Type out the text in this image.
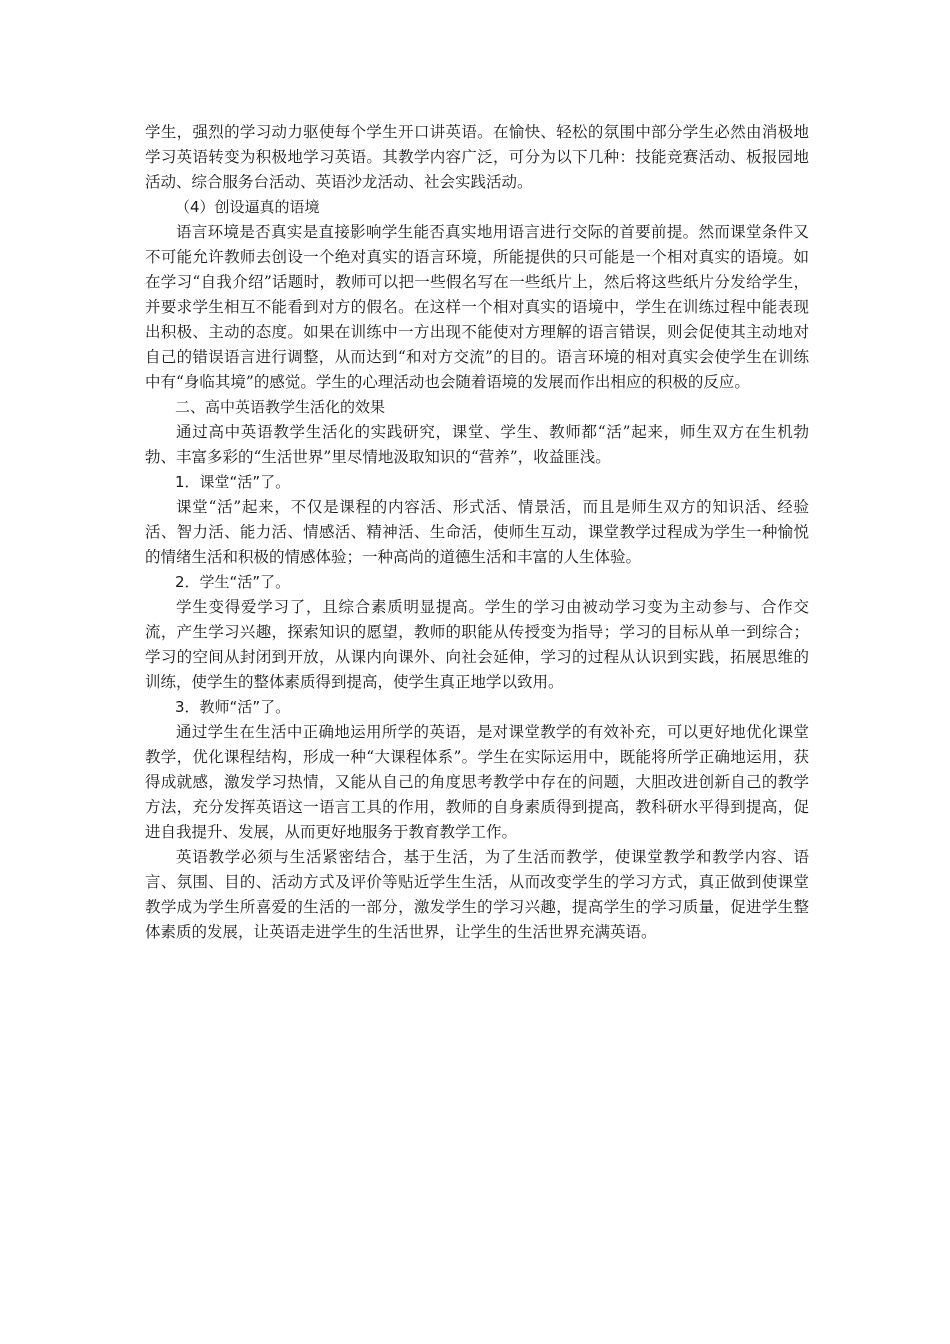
学生，强烈的学习动力驱使每个学生开口讲英语。在愉快、轻松的氛围中部分学生必然由消极地学习英语转变为积极地学习英语。其教学内容广泛，可分为以下几种：技能竞赛活动、板报园地活动、综合服务台活动、英语沙龙活动、社会实践活动。

（4）创设逼真的语境

语言环境是否真实是直接影响学生能否真实地用语言进行交际的首要前提。然而课堂条件又不可能允许教师去创设一个绝对真实的语言环境，所能提供的只可能是一个相对真实的语境。如在学习“自我介绍”话题时，教师可以把一些假名写在一些纸片上，然后将这些纸片分发给学生，并要求学生相互不能看到对方的假名。在这样一个相对真实的语境中，学生在训练过程中能表现出积极、主动的态度。如果在训练中一方出现不能使对方理解的语言错误，则会促使其主动地对自己的错误语言进行调整，从而达到“和对方交流”的目的。语言环境的相对真实会使学生在训练中有“身临其境”的感觉。学生的心理活动也会随着语境的发展而作出相应的积极的反应。

二、高中英语教学生活化的效果

通过高中英语教学生活化的实践研究，课堂、学生、教师都“活”起来，师生双方在生机勃勃、丰富多彩的“生活世界”里尽情地汲取知识的“营养”，收益匪浅。

1．课堂“活”了。

课堂“活”起来，不仅是课程的内容活、形式活、情景活，而且是师生双方的知识活、经验活、智力活、能力活、情感活、精神活、生命活，使师生互动，课堂教学过程成为学生一种愉悦的情绪生活和积极的情感体验；一种高尚的道德生活和丰富的人生体验。

2．学生“活”了。

学生变得爱学习了，且综合素质明显提高。学生的学习由被动学习变为主动参与、合作交流，产生学习兴趣，探索知识的愿望，教师的职能从传授变为指导；学习的目标从单一到综合；学习的空间从封闭到开放，从课内向课外、向社会延伸，学习的过程从认识到实践，拓展思维的训练，使学生的整体素质得到提高，使学生真正地学以致用。

3．教师“活”了。

通过学生在生活中正确地运用所学的英语，是对课堂教学的有效补充，可以更好地优化课堂教学，优化课程结构，形成一种“大课程体系”。学生在实际运用中，既能将所学正确地运用，获得成就感，激发学习热情，又能从自己的角度思考教学中存在的问题，大胆改进创新自己的教学方法，充分发挥英语这一语言工具的作用，教师的自身素质得到提高，教科研水平得到提高，促进自我提升、发展，从而更好地服务于教育教学工作。

英语教学必须与生活紧密结合，基于生活，为了生活而教学，使课堂教学和教学内容、语言、氛围、目的、活动方式及评价等贴近学生生活，从而改变学生的学习方式，真正做到使课堂教学成为学生所喜爱的生活的一部分，激发学生的学习兴趣，提高学生的学习质量，促进学生整体素质的发展，让英语走进学生的生活世界，让学生的生活世界充满英语。
